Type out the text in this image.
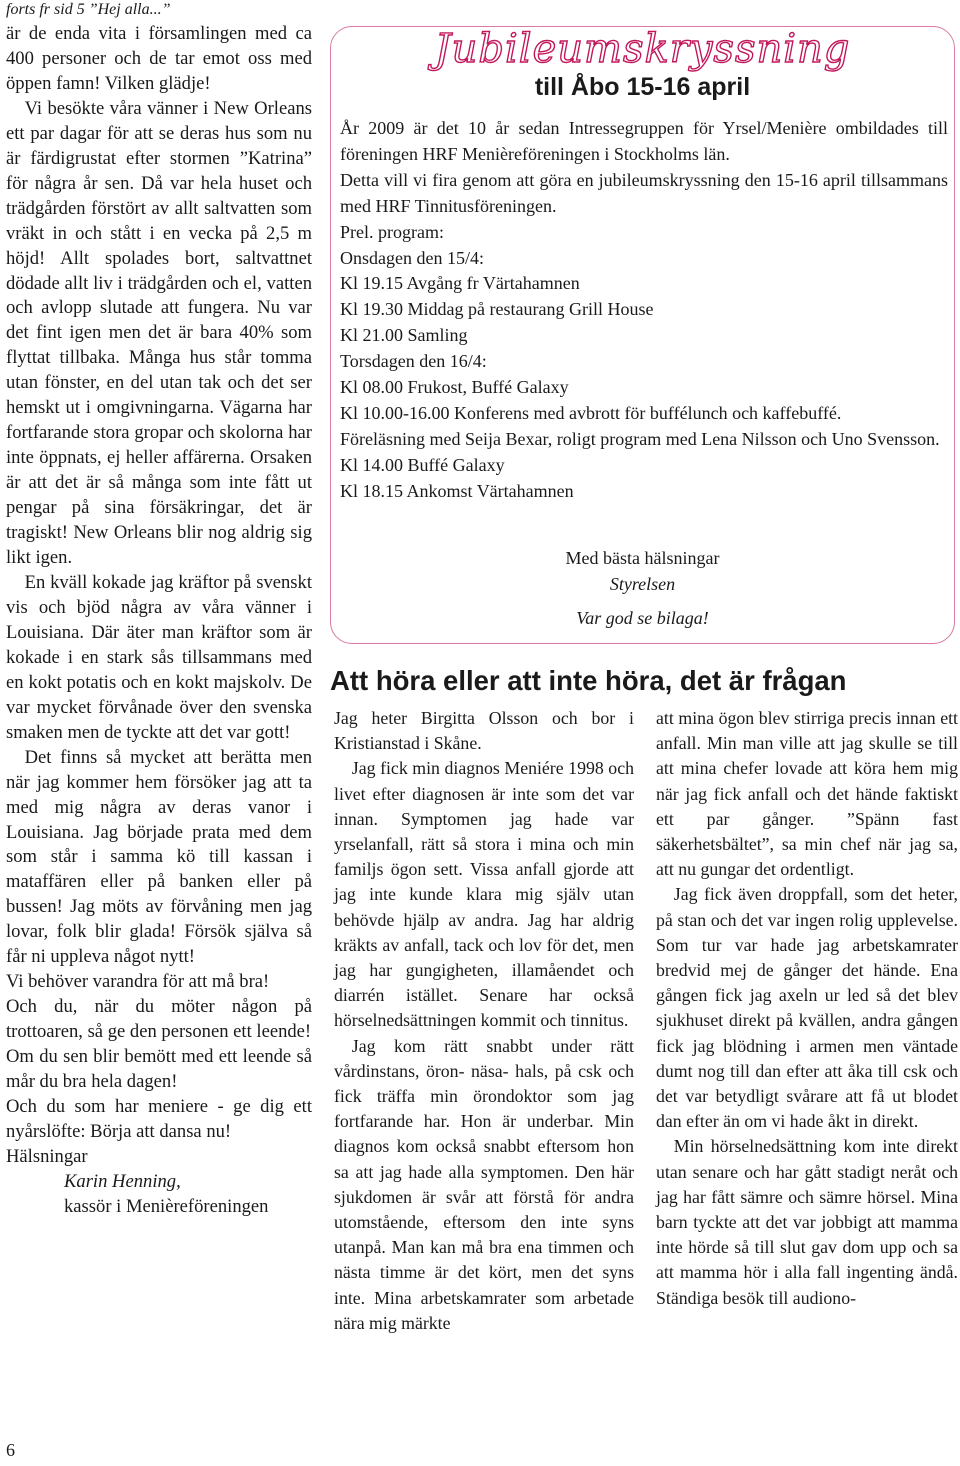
forts fr sid 5 ”Hej alla...”

är de enda vita i församlingen med ca 400 personer och de tar emot oss med öppen famn! Vilken glädje!

Vi besökte våra vänner i New Orleans ett par dagar för att se deras hus som nu är färdigrustat efter stormen ”Katrina” för några år sen. Då var hela huset och trädgården förstört av allt saltvatten som vräkt in och stått i en vecka på 2,5 m höjd! Allt spolades bort, saltvattnet dödade allt liv i trädgården och el, vatten och avlopp slutade att fungera. Nu var det fint igen men det är bara 40% som flyttat tillbaka. Många hus står tomma utan fönster, en del utan tak och det ser hemskt ut i omgivningarna. Vägarna har fortfarande stora gropar och skolorna har inte öppnats, ej heller affärerna. Orsaken är att det är så många som inte fått ut pengar på sina försäkringar, det är tragiskt! New Orleans blir nog aldrig sig likt igen.

En kväll kokade jag kräftor på svenskt vis och bjöd några av våra vänner i Louisiana. Där äter man kräftor som är kokade i en stark sås tillsammans med en kokt potatis och en kokt majskolv. De var mycket förvånade över den svenska smaken men de tyckte att det var gott!

Det finns så mycket att berätta men när jag kommer hem försöker jag att ta med mig några av deras vanor i Louisiana. Jag började prata med dem som står i samma kö till kassan i mataffären eller på banken eller på bussen! Jag möts av förvåning men jag lovar, folk blir glada! Försök själva så får ni uppleva något nytt!

Vi behöver varandra för att må bra!

Och du, när du möter någon på trottoaren, så ge den personen ett leende!

Om du sen blir bemött med ett leende så mår du bra hela dagen!

Och du som har meniere - ge dig ett nyårslöfte: Börja att dansa nu!

Hälsningar

Karin Henning,
kassör i Menièreföreningen
6
Jubileumskryssning
till Åbo 15-16 april

År 2009 är det 10 år sedan Intressegruppen för Yrsel/Menière ombildades till föreningen HRF Menièreföreningen i Stockholms län.

Detta vill vi fira genom att göra en jubileumskryssning den 15-16 april tillsammans med HRF Tinnitusföreningen.

Prel. program:

Onsdagen den 15/4:

Kl 19.15 Avgång fr Värtahamnen

Kl 19.30 Middag på restaurang Grill House

Kl 21.00 Samling

Torsdagen den 16/4:

Kl 08.00 Frukost, Buffé Galaxy

Kl 10.00-16.00 Konferens med avbrott för buffélunch och kaffebuffé.

Föreläsning med Seija Bexar, roligt program med Lena Nilsson och Uno Svensson.

Kl 14.00 Buffé Galaxy

Kl 18.15 Ankomst Värtahamnen

Med bästa hälsningar
Styrelsen
Var god se bilaga!
Att höra eller att inte höra, det är frågan

Jag heter Birgitta Olsson och bor i Kristianstad i Skåne.

Jag fick min diagnos Meniére 1998 och livet efter diagnosen är inte som det var innan. Symptomen jag hade var yrselanfall, rätt så stora i mina och min familjs ögon sett. Vissa anfall gjorde att jag inte kunde klara mig själv utan behövde hjälp av andra. Jag har aldrig kräkts av anfall, tack och lov för det, men jag har gungigheten, illamåendet och diarrén istället. Senare har också hörselnedsättningen kommit och tinnitus.

Jag kom rätt snabbt under rätt vårdinstans, öron- näsa- hals, på csk och fick träffa min örondoktor som jag fortfarande har. Hon är underbar. Min diagnos kom också snabbt eftersom hon sa att jag hade alla symptomen. Den här sjukdomen är svår att förstå för andra utomstående, eftersom den inte syns utanpå. Man kan må bra ena timmen och nästa timme är det kört, men det syns inte. Mina arbetskamrater som arbetade nära mig märkte

att mina ögon blev stirriga precis innan ett anfall. Min man ville att jag skulle se till att mina chefer lovade att köra hem mig när jag fick anfall och det hände faktiskt ett par gånger. ”Spänn fast säkerhetsbältet”, sa min chef när jag sa, att nu gungar det ordentligt.

Jag fick även droppfall, som det heter, på stan och det var ingen rolig upplevelse. Som tur var hade jag arbetskamrater bredvid mej de gånger det hände. Ena gången fick jag axeln ur led så det blev sjukhuset direkt på kvällen, andra gången fick jag blödning i armen men väntade dumt nog till dan efter att åka till csk och det var betydligt svårare att få ut blodet dan efter än om vi hade åkt in direkt.

Min hörselnedsättning kom inte direkt utan senare och har gått stadigt neråt och jag har fått sämre och sämre hörsel. Mina barn tyckte att det var jobbigt att mamma inte hörde så till slut gav dom upp och sa att mamma hör i alla fall ingenting ändå. Ständiga besök till audiono-
